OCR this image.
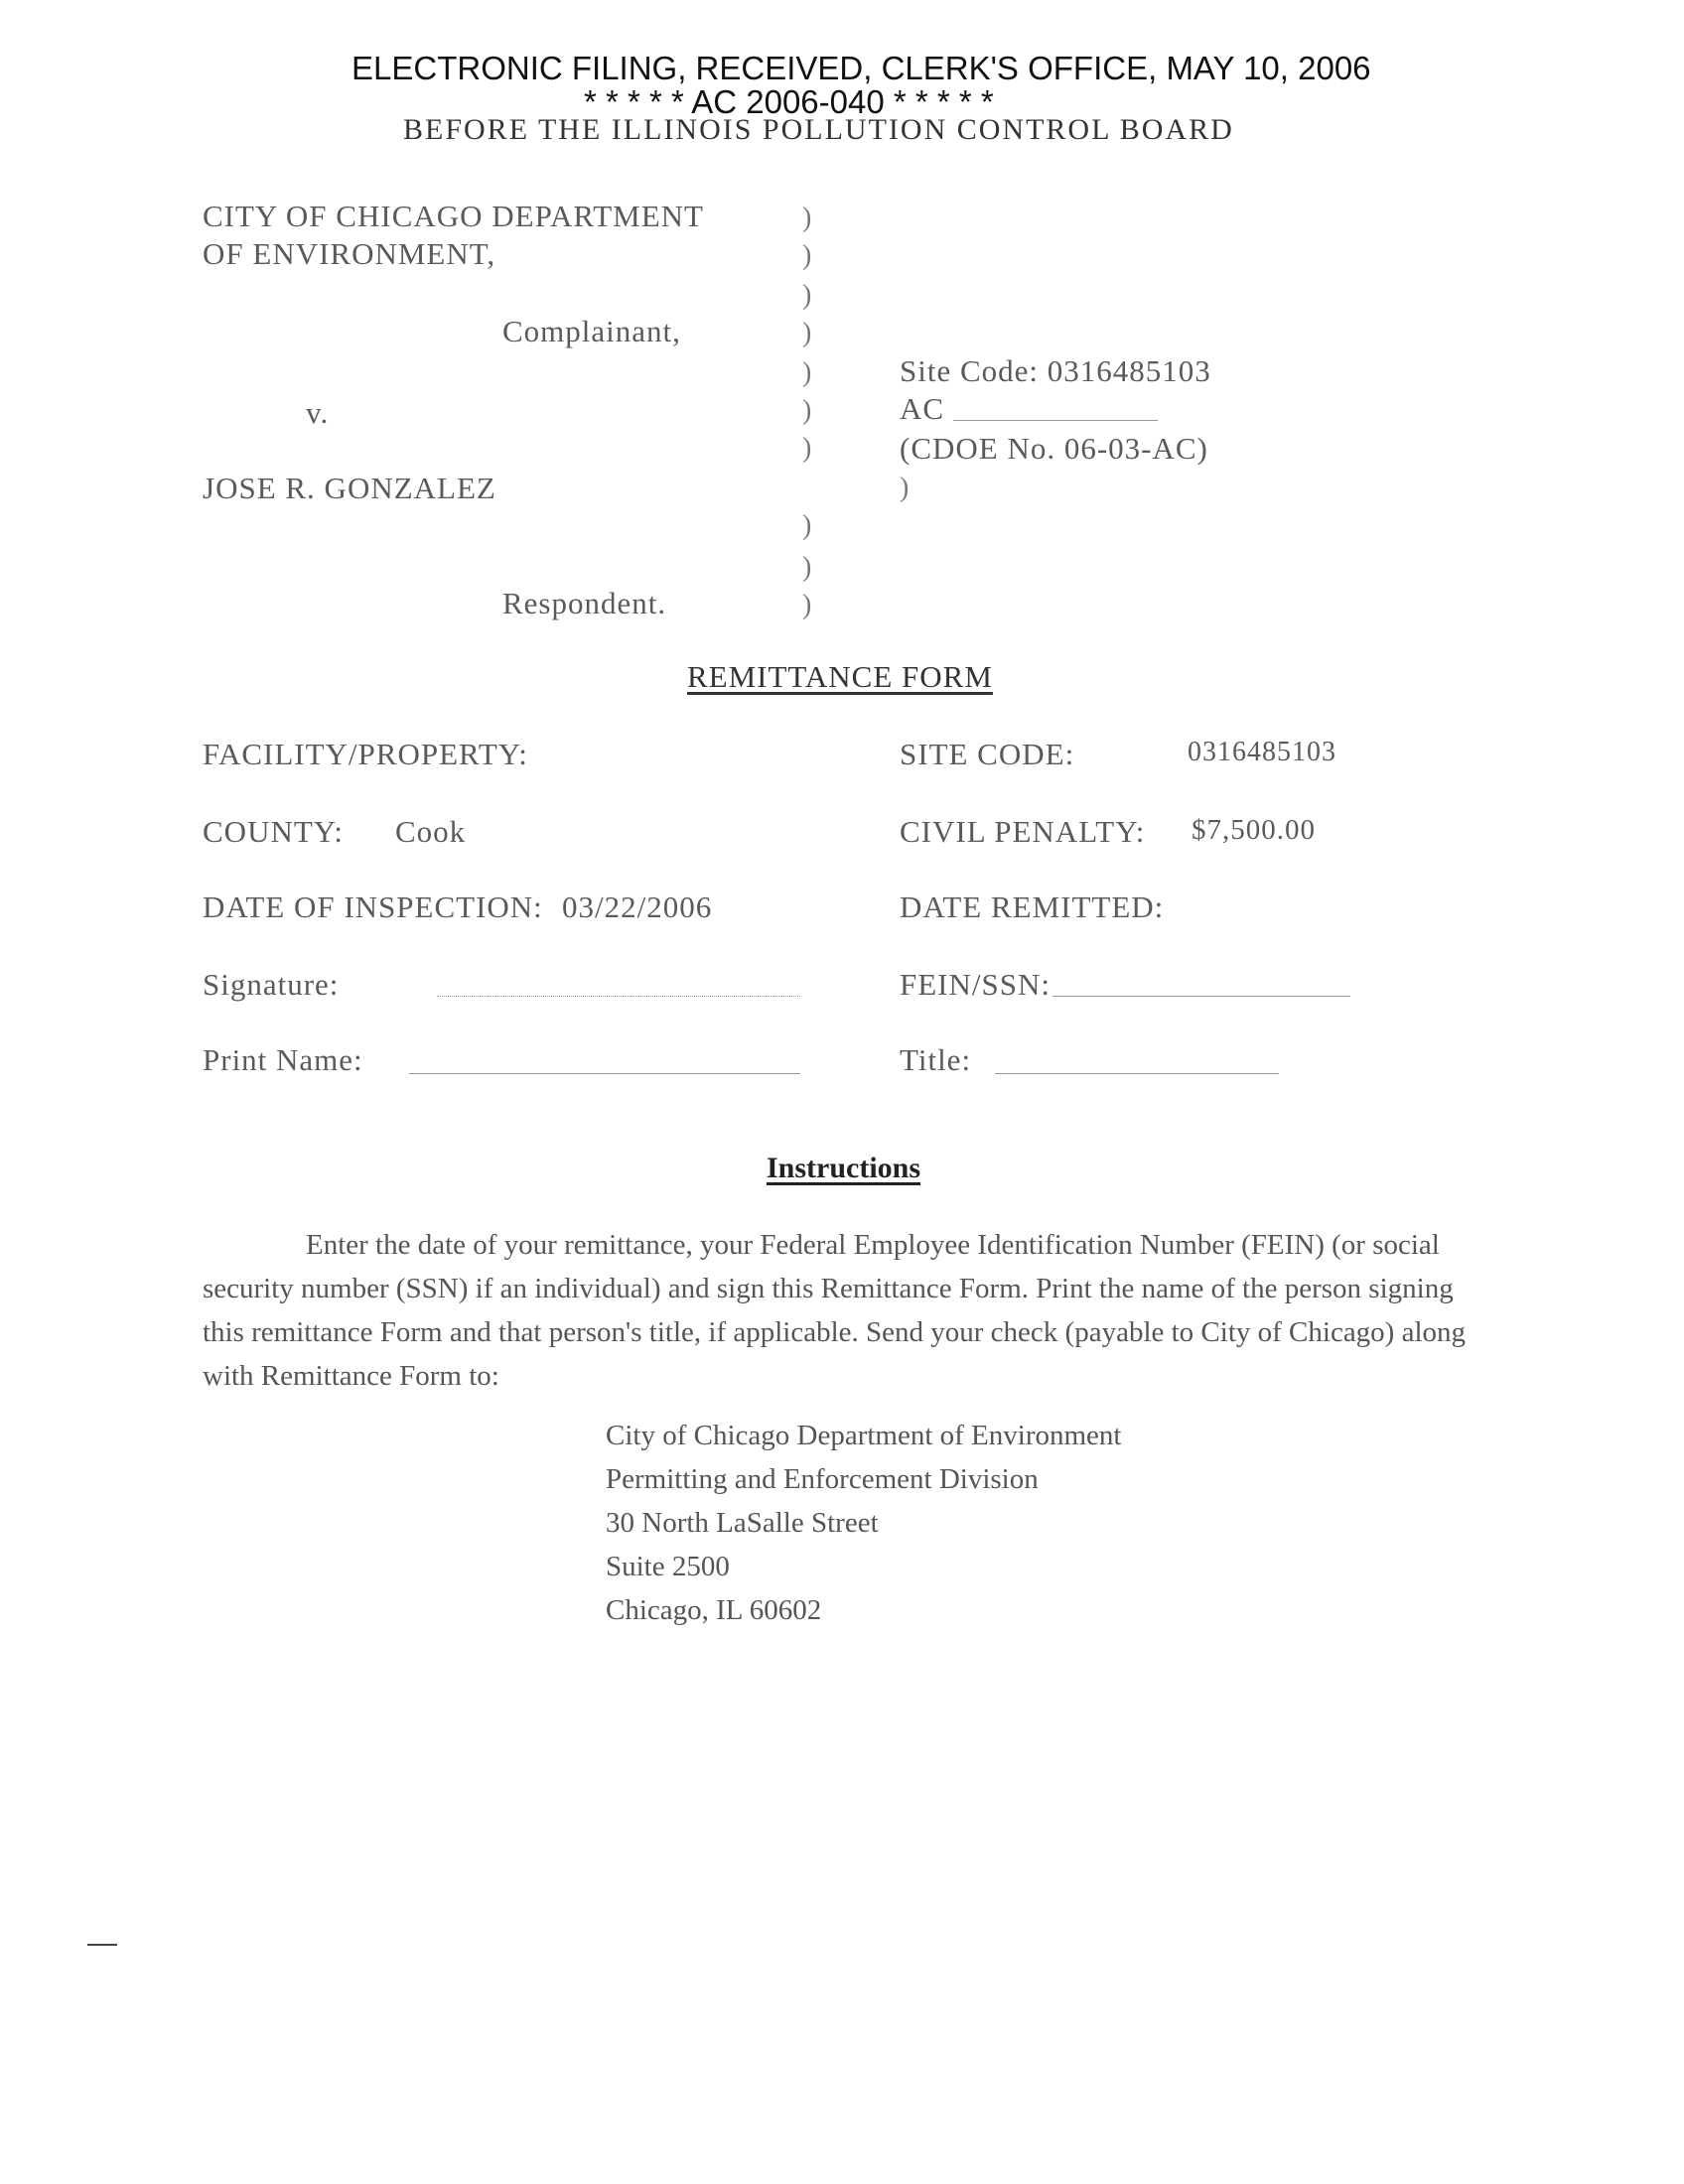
ELECTRONIC FILING, RECEIVED, CLERK'S OFFICE, MAY 10, 2006
* * * * * AC 2006-040 * * * * *
BEFORE THE ILLINOIS POLLUTION CONTROL BOARD
CITY OF CHICAGO DEPARTMENT
OF ENVIRONMENT,
Complainant,
v.
JOSE R. GONZALEZ
Respondent.
)
)
)
)
)
)
)
)
)
)
)
Site Code: 0316485103
AC
(CDOE No. 06-03-AC)
REMITTANCE FORM
FACILITY/PROPERTY:	SITE CODE:	0316485103
COUNTY: Cook	CIVIL PENALTY: $7,500.00
DATE OF INSPECTION: 03/22/2006	DATE REMITTED:
Signature:	FEIN/SSN:
Print Name:	Title:
Instructions
Enter the date of your remittance, your Federal Employee Identification Number (FEIN) (or social security number (SSN) if an individual) and sign this Remittance Form. Print the name of the person signing this remittance Form and that person's title, if applicable. Send your check (payable to City of Chicago) along with Remittance Form to:
City of Chicago Department of Environment
Permitting and Enforcement Division
30 North LaSalle Street
Suite 2500
Chicago, IL 60602
